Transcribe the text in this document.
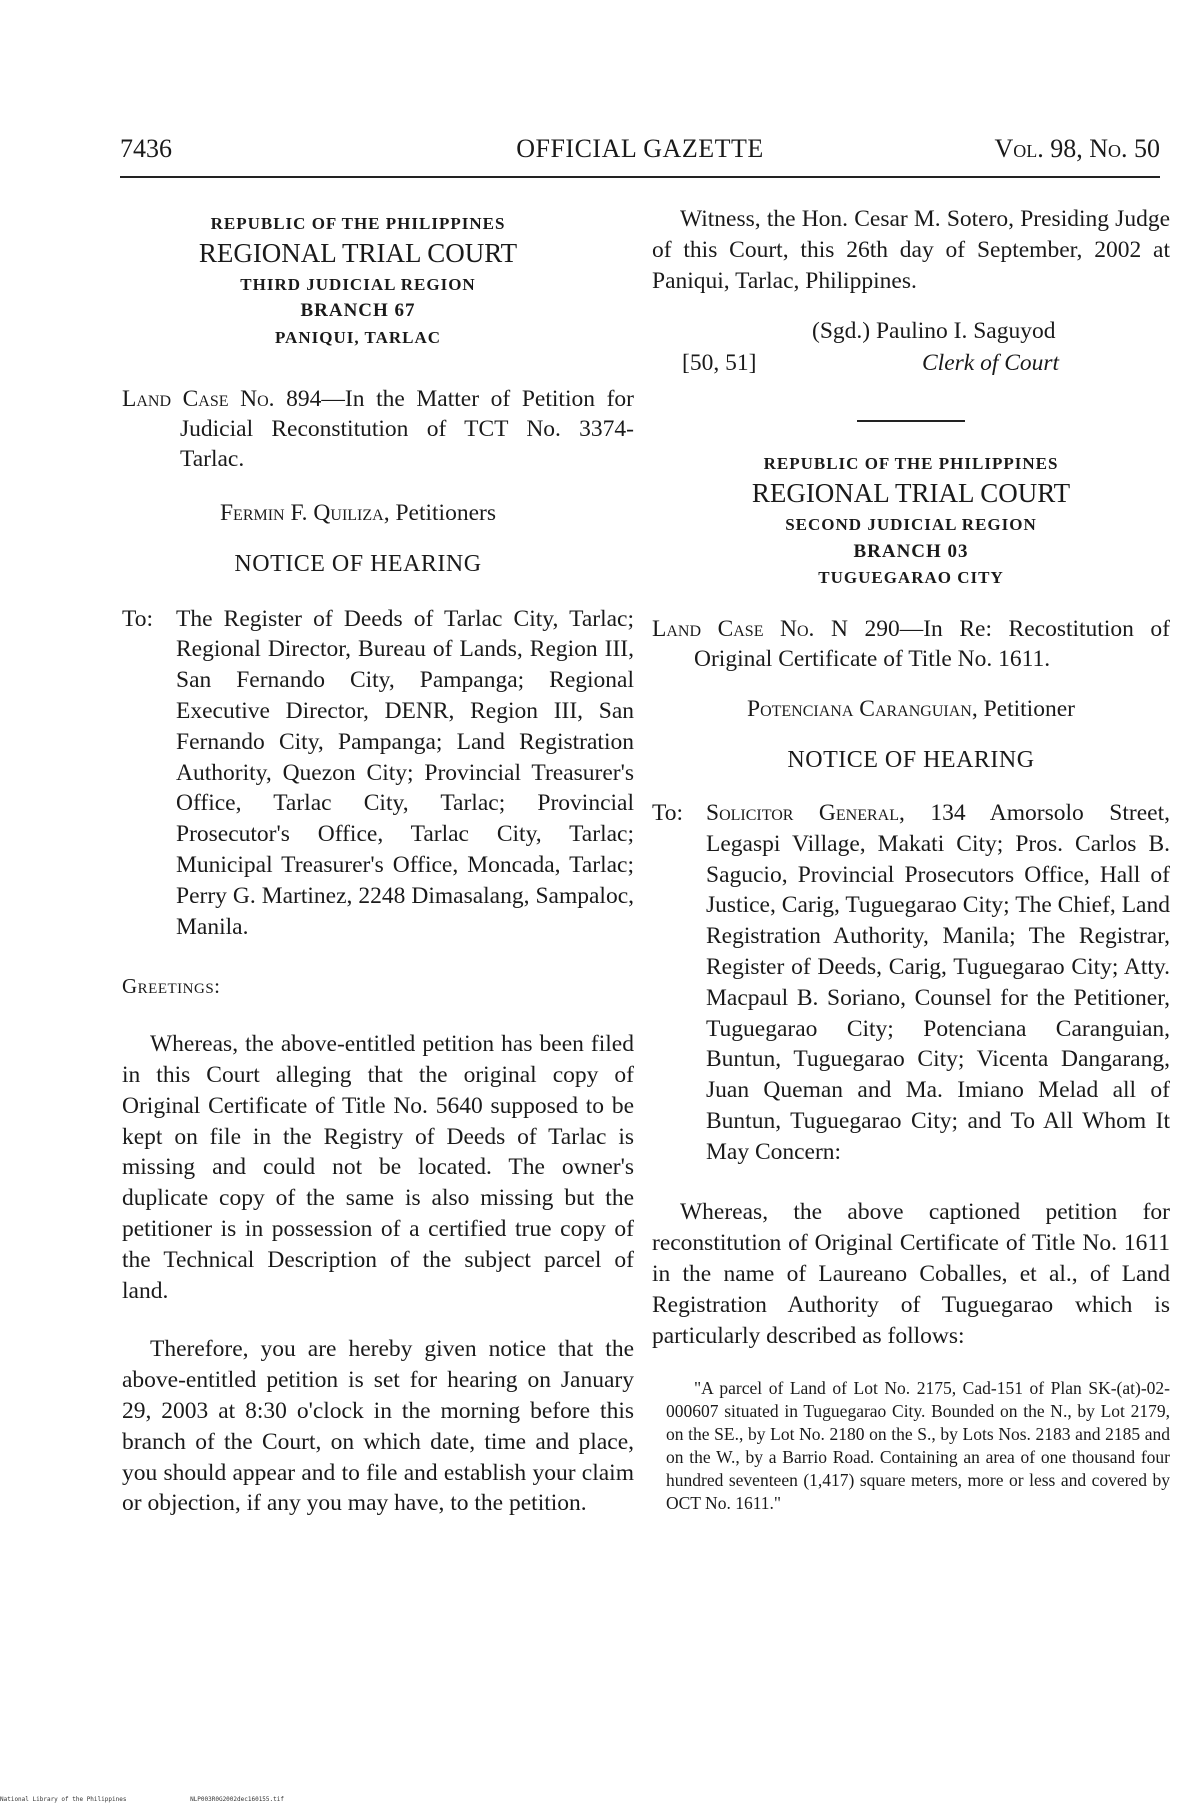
7436	OFFICIAL GAZETTE	Vol. 98, No. 50
REPUBLIC OF THE PHILIPPINES
REGIONAL TRIAL COURT
THIRD JUDICIAL REGION
BRANCH 67
PANIQUI, TARLAC

Land Case No. 894—In the Matter of Petition for Judicial Reconstitution of TCT No. 3374-Tarlac.

Fermin F. Quiliza, Petitioners

NOTICE OF HEARING

To: The Register of Deeds of Tarlac City, Tarlac; Regional Director, Bureau of Lands, Region III, San Fernando City, Pampanga; Regional Executive Director, DENR, Region III, San Fernando City, Pampanga; Land Registration Authority, Quezon City; Provincial Treasurer's Office, Tarlac City, Tarlac; Provincial Prosecutor's Office, Tarlac City, Tarlac; Municipal Treasurer's Office, Moncada, Tarlac; Perry G. Martinez, 2248 Dimasalang, Sampaloc, Manila.

Greetings:

Whereas, the above-entitled petition has been filed in this Court alleging that the original copy of Original Certificate of Title No. 5640 supposed to be kept on file in the Registry of Deeds of Tarlac is missing and could not be located. The owner's duplicate copy of the same is also missing but the petitioner is in possession of a certified true copy of the Technical Description of the subject parcel of land.

Therefore, you are hereby given notice that the above-entitled petition is set for hearing on January 29, 2003 at 8:30 o'clock in the morning before this branch of the Court, on which date, time and place, you should appear and to file and establish your claim or objection, if any you may have, to the petition.

Witness, the Hon. Cesar M. Sotero, Presiding Judge of this Court, this 26th day of September, 2002 at Paniqui, Tarlac, Philippines.

(Sgd.) Paulino I. Saguyod
[50, 51]	Clerk of Court
REPUBLIC OF THE PHILIPPINES
REGIONAL TRIAL COURT
SECOND JUDICIAL REGION
BRANCH 03
TUGUEGARAO CITY

Land Case No. N 290—In Re: Recostitution of Original Certificate of Title No. 1611.

Potenciana Caranguian, Petitioner

NOTICE OF HEARING

To: Solicitor General, 134 Amorsolo Street, Legaspi Village, Makati City; Pros. Carlos B. Sagucio, Provincial Prosecutors Office, Hall of Justice, Carig, Tuguegarao City; The Chief, Land Registration Authority, Manila; The Registrar, Register of Deeds, Carig, Tuguegarao City; Atty. Macpaul B. Soriano, Counsel for the Petitioner, Tuguegarao City; Potenciana Caranguian, Buntun, Tuguegarao City; Vicenta Dangarang, Juan Queman and Ma. Imiano Melad all of Buntun, Tuguegarao City; and To All Whom It May Concern:

Whereas, the above captioned petition for reconstitution of Original Certificate of Title No. 1611 in the name of Laureano Coballes, et al., of Land Registration Authority of Tuguegarao which is particularly described as follows:

"A parcel of Land of Lot No. 2175, Cad-151 of Plan SK-(at)-02-000607 situated in Tuguegarao City. Bounded on the N., by Lot 2179, on the SE., by Lot No. 2180 on the S., by Lots Nos. 2183 and 2185 and on the W., by a Barrio Road. Containing an area of one thousand four hundred seventeen (1,417) square meters, more or less and covered by OCT No. 1611."

National Library of the Philippines	NLP003R0G2002dec160155.tif
